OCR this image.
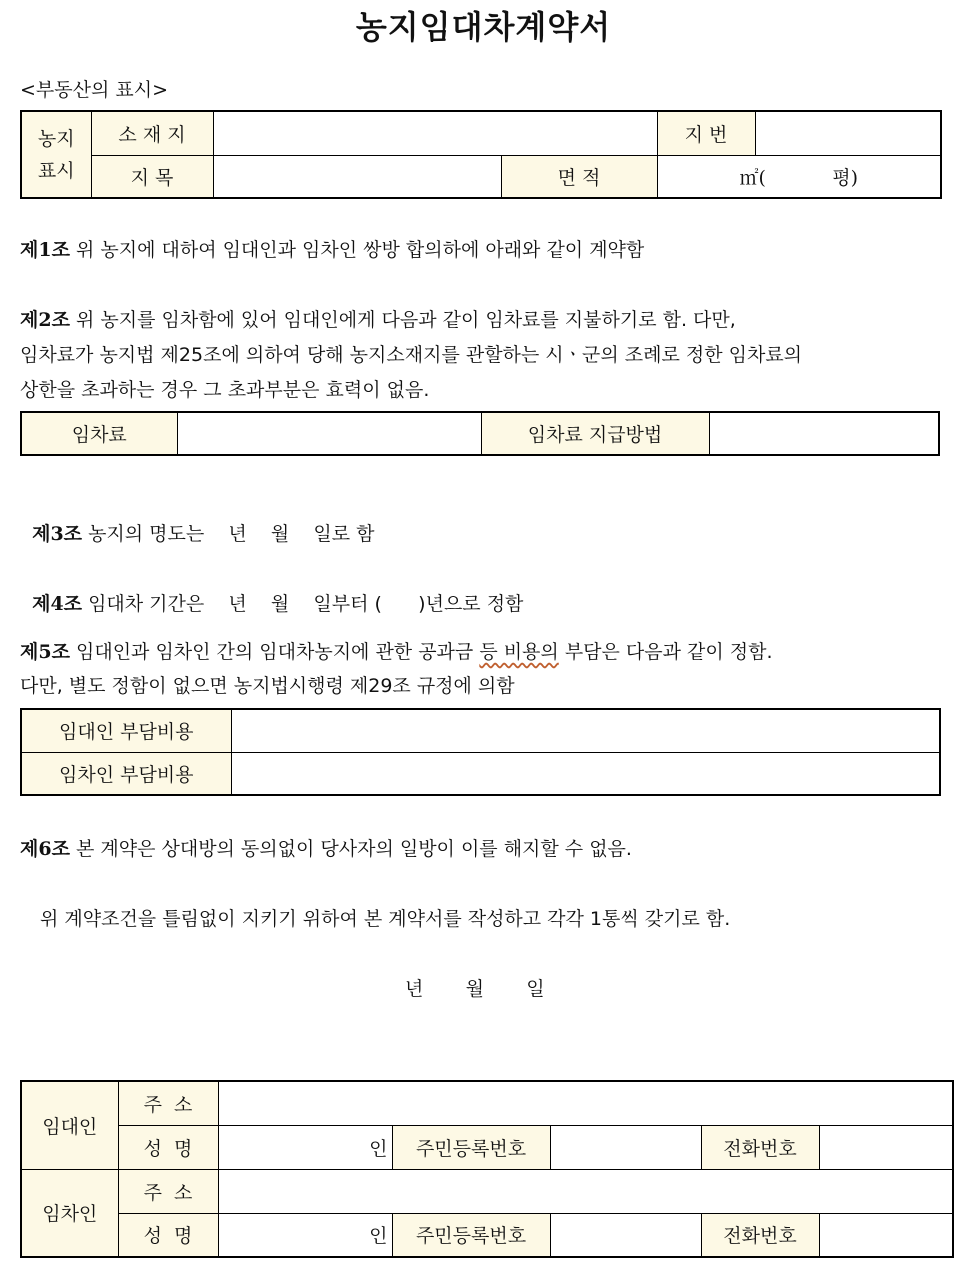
농지임대차계약서
<부동산의 표시>
농지
표시	소 재 지			지 번	
	지 목		면 적	㎡(           평)	
제1조 위 농지에 대하여 임대인과 임차인 쌍방 합의하에 아래와 같이 계약함
제2조 위 농지를 임차함에 있어 임대인에게 다음과 같이 임차료를 지불하기로 함. 다만,
임차료가 농지법 제25조에 의하여 당해 농지소재지를 관할하는 시ㆍ군의 조례로 정한 임차료의
상한을 초과하는 경우 그 초과부분은 효력이 없음.
임차료		임차료 지급방법	

제3조 농지의 명도는    년    월    일로 함

제4조 임대차 기간은    년    월    일부터 (      )년으로 정함

제5조 임대인과 임차인 간의 임대차농지에 관한 공과금 등 비용의 부담은 다음과 같이 정함.
다만, 별도 정함이 없으면 농지법시행령 제29조 규정에 의함
임대인 부담비용	
임차인 부담비용	
제6조 본 계약은 상대방의 동의없이 당사자의 일방이 이를 해지할 수 없음.
위 계약조건을 틀림없이 지키기 위하여 본 계약서를 작성하고 각각 1통씩 갖기로 함.
년       월       일
임대인	주  소					
	성  명	인	주민등록번호		전화번호	
임차인	주  소					
	성  명	인	주민등록번호		전화번호	
